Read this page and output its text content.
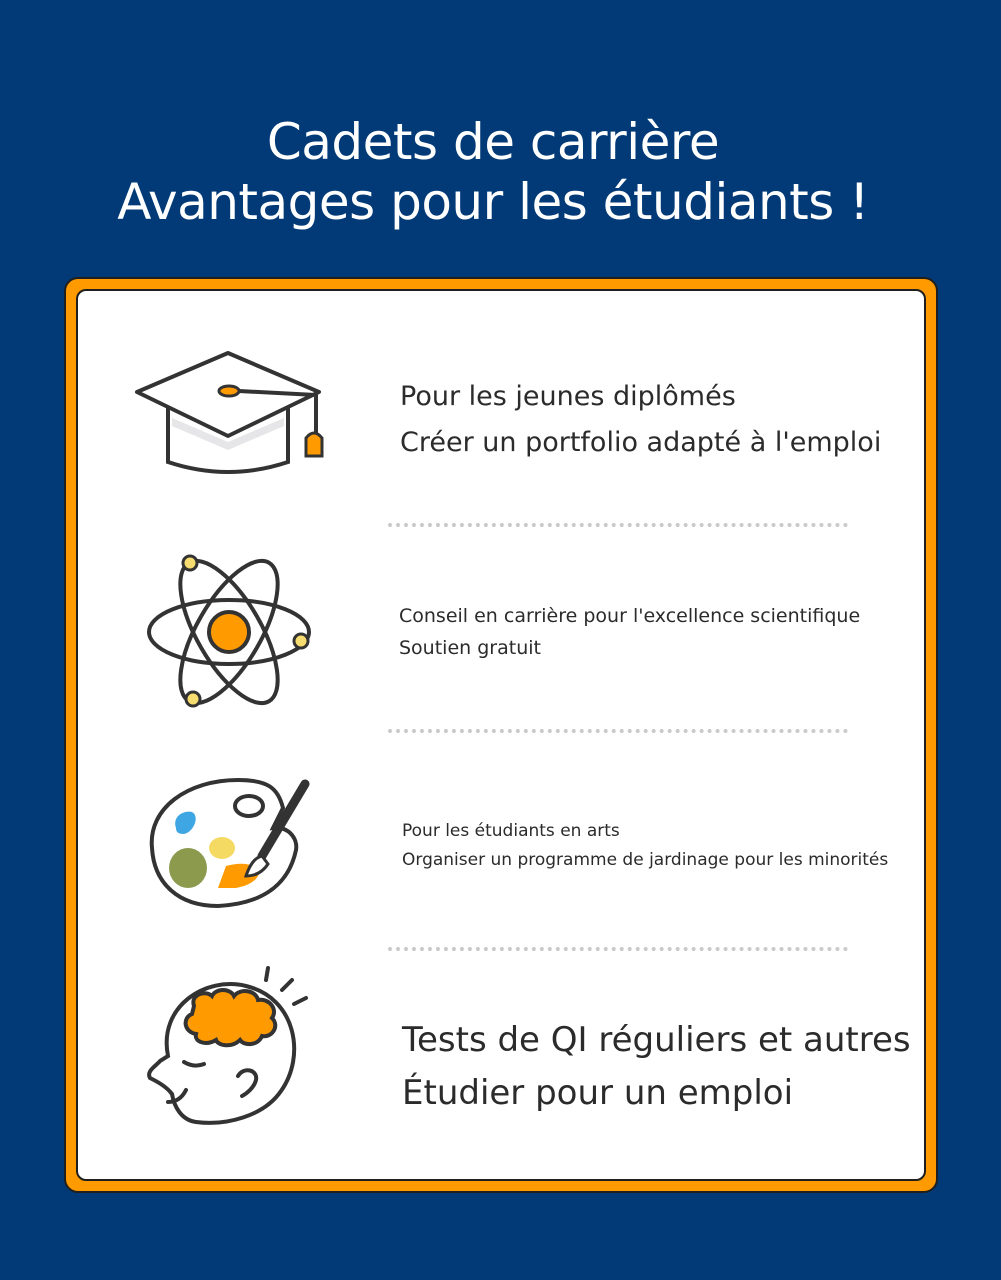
Cadets de carrière
Avantages pour les étudiants !
Pour les jeunes diplômés
Créer un portfolio adapté à l'emploi
Conseil en carrière pour l'excellence scientifique
Soutien gratuit
Pour les étudiants en arts
Organiser un programme de jardinage pour les minorités
Tests de QI réguliers et autres
Étudier pour un emploi
